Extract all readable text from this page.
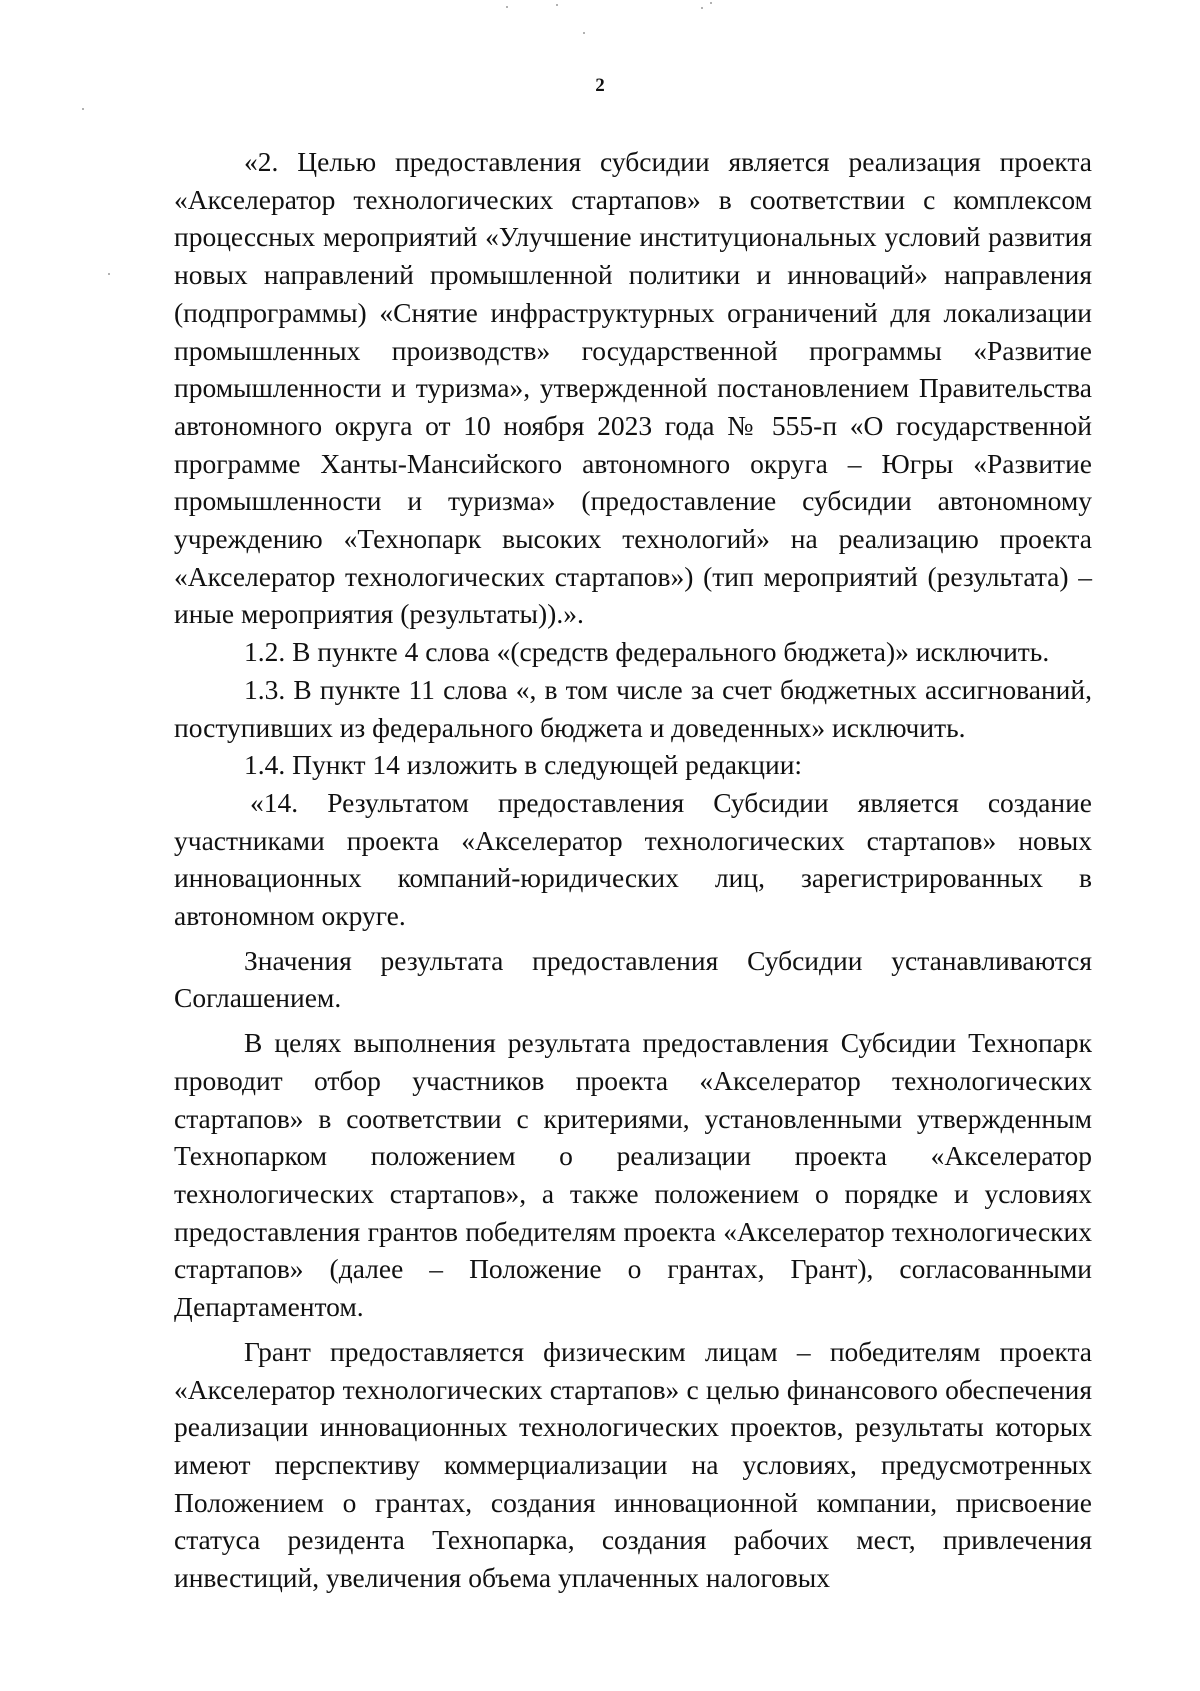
2

«2. Целью предоставления субсидии является реализация проекта «Акселератор технологических стартапов» в соответствии с комплексом процессных мероприятий «Улучшение институциональных условий развития новых направлений промышленной политики и инноваций» направления (подпрограммы) «Снятие инфраструктурных ограничений для локализации промышленных производств» государственной программы «Развитие промышленности и туризма», утвержденной постановлением Правительства автономного округа от 10 ноября 2023 года № 555-п «О государственной программе Ханты-Мансийского автономного округа – Югры «Развитие промышленности и туризма» (предоставление субсидии автономному учреждению «Технопарк высоких технологий» на реализацию проекта «Акселератор технологических стартапов») (тип мероприятий (результата) – иные мероприятия (результаты)).».

1.2. В пункте 4 слова «(средств федерального бюджета)» исключить.

1.3. В пункте 11 слова «, в том числе за счет бюджетных ассигнований, поступивших из федерального бюджета и доведенных» исключить.

1.4. Пункт 14 изложить в следующей редакции:

«14. Результатом предоставления Субсидии является создание участниками проекта «Акселератор технологических стартапов» новых инновационных компаний-юридических лиц, зарегистрированных в автономном округе.

Значения результата предоставления Субсидии устанавливаются Соглашением.

В целях выполнения результата предоставления Субсидии Технопарк проводит отбор участников проекта «Акселератор технологических стартапов» в соответствии с критериями, установленными утвержденным Технопарком положением о реализации проекта «Акселератор технологических стартапов», а также положением о порядке и условиях предоставления грантов победителям проекта «Акселератор технологических стартапов» (далее – Положение о грантах, Грант), согласованными Департаментом.

Грант предоставляется физическим лицам – победителям проекта «Акселератор технологических стартапов» с целью финансового обеспечения реализации инновационных технологических проектов, результаты которых имеют перспективу коммерциализации на условиях, предусмотренных Положением о грантах, создания инновационной компании, присвоение статуса резидента Технопарка, создания рабочих мест, привлечения инвестиций, увеличения объема уплаченных налоговых
